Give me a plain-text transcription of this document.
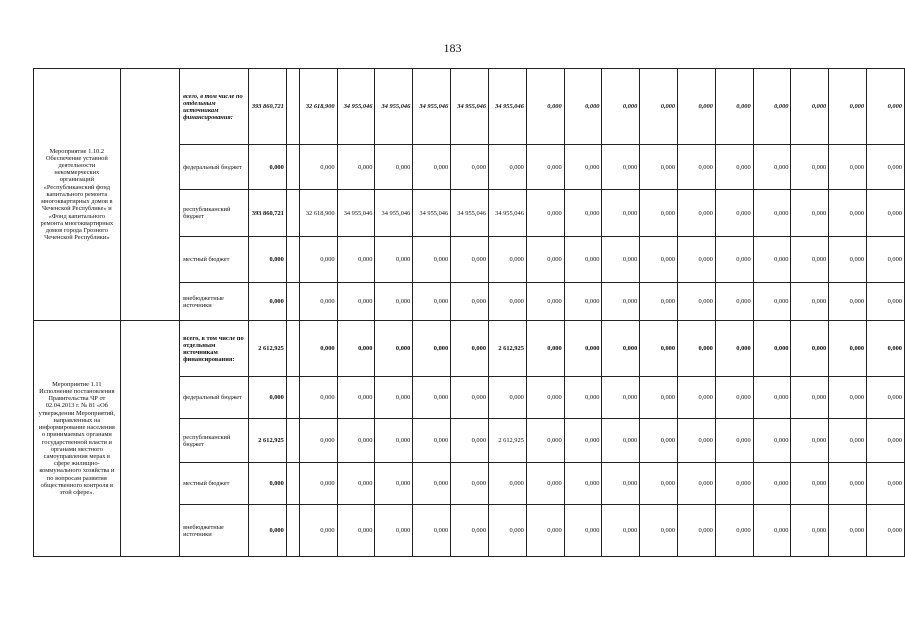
183
Мероприятие 1.10.2 Обеспечение уставной деятельности некоммерческих организаций «Республиканский фонд капитального ремонта многоквартирных домов в Чеченской Республике» и «Фонд капитального ремонта многоквартирных домов города Грозного Чеченской Республики»		всего, в том числе по отдельным источникам финансирования:	393 860,721		32 618,900	34 955,046	34 955,046	34 955,046	34 955,046	34 955,046	0,000	0,000	0,000	0,000	0,000	0,000	0,000	0,000	0,000	0,000
		федеральный бюджет	0,000		0,000	0,000	0,000	0,000	0,000	0,000	0,000	0,000	0,000	0,000	0,000	0,000	0,000	0,000	0,000	0,000
		республиканский бюджет	393 860,721		32 618,900	34 955,046	34 955,046	34 955,046	34 955,046	34 955,046	0,000	0,000	0,000	0,000	0,000	0,000	0,000	0,000	0,000	0,000
		местный бюджет	0,000		0,000	0,000	0,000	0,000	0,000	0,000	0,000	0,000	0,000	0,000	0,000	0,000	0,000	0,000	0,000	0,000
		внебюджетные источники	0,000		0,000	0,000	0,000	0,000	0,000	0,000	0,000	0,000	0,000	0,000	0,000	0,000	0,000	0,000	0,000	0,000
Мероприятие 1.11 Исполнение постановления Правительства ЧР от 02.04.2013 г. № 81 «Об утверждении Мероприятий, направленных на информирование населения о принимаемых органами государственной власти и органами местного самоуправления мерах в сфере жилищно-коммунального хозяйства и по вопросам развития общественного контроля в этой сфере».		всего, в том числе по отдельным источникам финансирования:	2 612,925		0,000	0,000	0,000	0,000	0,000	2 612,925	0,000	0,000	0,000	0,000	0,000	0,000	0,000	0,000	0,000	0,000
		федеральный бюджет	0,000		0,000	0,000	0,000	0,000	0,000	0,000	0,000	0,000	0,000	0,000	0,000	0,000	0,000	0,000	0,000	0,000
		республиканский бюджет	2 612,925		0,000	0,000	0,000	0,000	0,000	2 612,925	0,000	0,000	0,000	0,000	0,000	0,000	0,000	0,000	0,000	0,000
		местный бюджет	0,000		0,000	0,000	0,000	0,000	0,000	0,000	0,000	0,000	0,000	0,000	0,000	0,000	0,000	0,000	0,000	0,000
		внебюджетные источники	0,000		0,000	0,000	0,000	0,000	0,000	0,000	0,000	0,000	0,000	0,000	0,000	0,000	0,000	0,000	0,000	0,000
